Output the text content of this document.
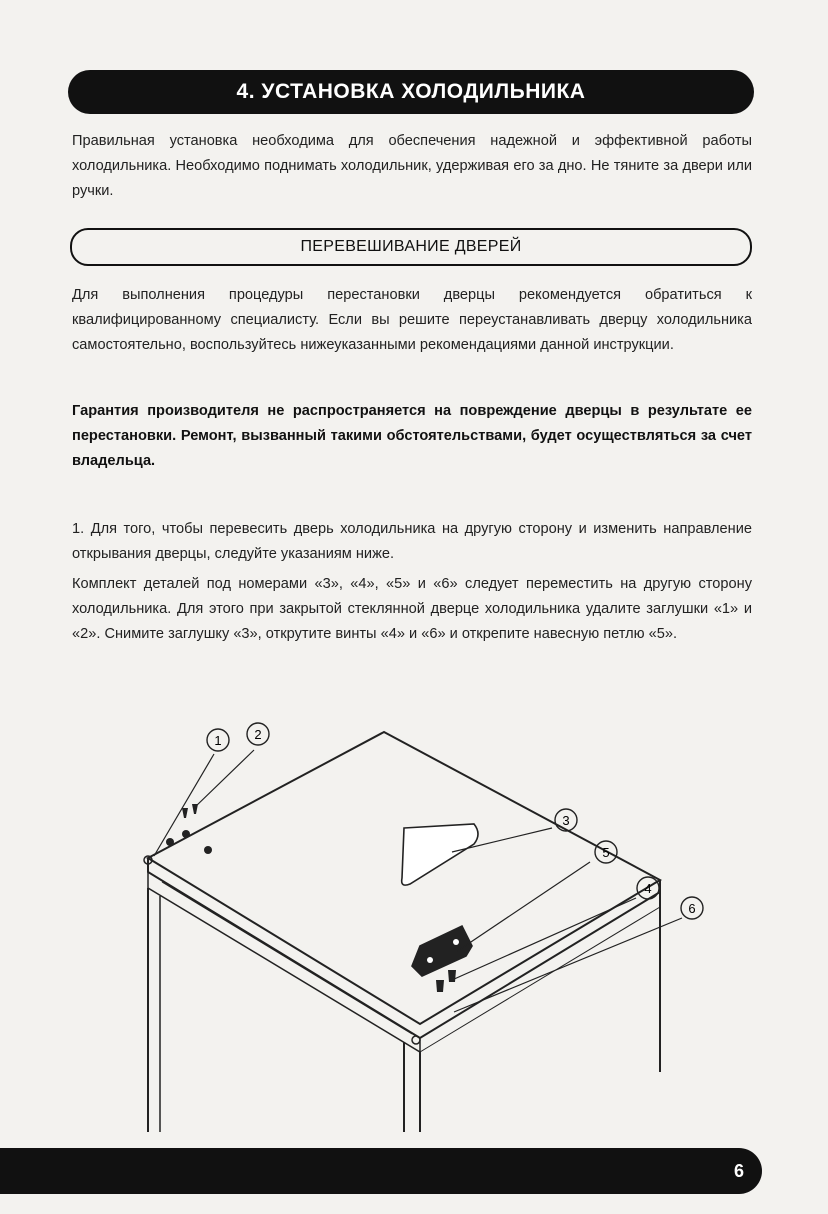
4. УСТАНОВКА ХОЛОДИЛЬНИКА

Правильная установка необходима для обеспечения надежной и эффективной работы холодильника. Необходимо поднимать холодильник, удерживая его за дно. Не тяните за двери или ручки.

ПЕРЕВЕШИВАНИЕ ДВЕРЕЙ

Для выполнения процедуры перестановки дверцы рекомендуется обратиться к квалифицированному специалисту. Если вы решите переустанавливать дверцу холодильника самостоятельно, воспользуйтесь нижеуказанными рекомендациями данной инструкции.

Гарантия производителя не распространяется на повреждение дверцы в результате ее перестановки. Ремонт, вызванный такими обстоятельствами, будет осуществляться за счет владельца.

1. Для того, чтобы перевесить дверь холодильника на другую сторону и изменить направление открывания дверцы, следуйте указаниям ниже.

Комплект деталей под номерами «3», «4», «5» и «6» следует переместить на другую сторону холодильника. Для этого при закрытой стеклянной дверце холодильника удалите заглушки «1» и «2». Снимите заглушку «3», открутите винты «4» и «6» и открепите навесную петлю «5».

1	2
3
5
4
6
6
